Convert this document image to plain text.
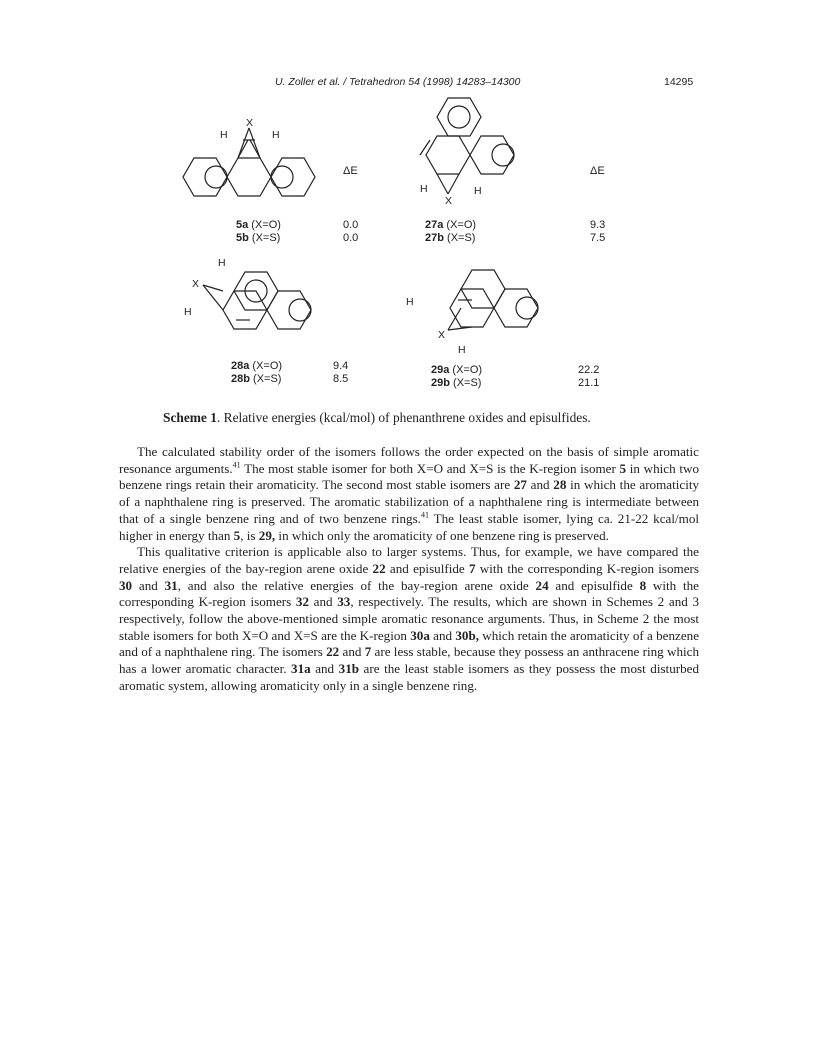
U. Zoller et al. / Tetrahedron 54 (1998) 14283–14300	14295
H
X
H
H
X
H
H
X
H
H
X
H
ΔE	ΔE
5a (X=O)
5b (X=S)
0.0
0.0
27a (X=O)
27b (X=S)
9.3
7.5
28a (X=O)
28b (X=S)
9.4
8.5
29a (X=O)
29b (X=S)
22.2
21.1
Scheme 1. Relative energies (kcal/mol) of phenanthrene oxides and episulfides.

The calculated stability order of the isomers follows the order expected on the basis of simple aromatic resonance arguments.$^{41}$ The most stable isomer for both X=O and X=S is the K-region isomer 5 in which two benzene rings retain their aromaticity. The second most stable isomers are 27 and 28 in which the aromaticity of a naphthalene ring is preserved. The aromatic stabilization of a naphthalene ring is intermediate between that of a single benzene ring and of two benzene rings.$^{41}$ The least stable isomer, lying ca. 21-22 kcal/mol higher in energy than 5, is 29, in which only the aromaticity of one benzene ring is preserved.

This qualitative criterion is applicable also to larger systems. Thus, for example, we have compared the relative energies of the bay-region arene oxide 22 and episulfide 7 with the corresponding K-region isomers 30 and 31, and also the relative energies of the bay-region arene oxide 24 and episulfide 8 with the corresponding K-region isomers 32 and 33, respectively. The results, which are shown in Schemes 2 and 3 respectively, follow the above-mentioned simple aromatic resonance arguments. Thus, in Scheme 2 the most stable isomers for both X=O and X=S are the K-region 30a and 30b, which retain the aromaticity of a benzene and of a naphthalene ring. The isomers 22 and 7 are less stable, because they possess an anthracene ring which has a lower aromatic character. 31a and 31b are the least stable isomers as they possess the most disturbed aromatic system, allowing aromaticity only in a single benzene ring.
